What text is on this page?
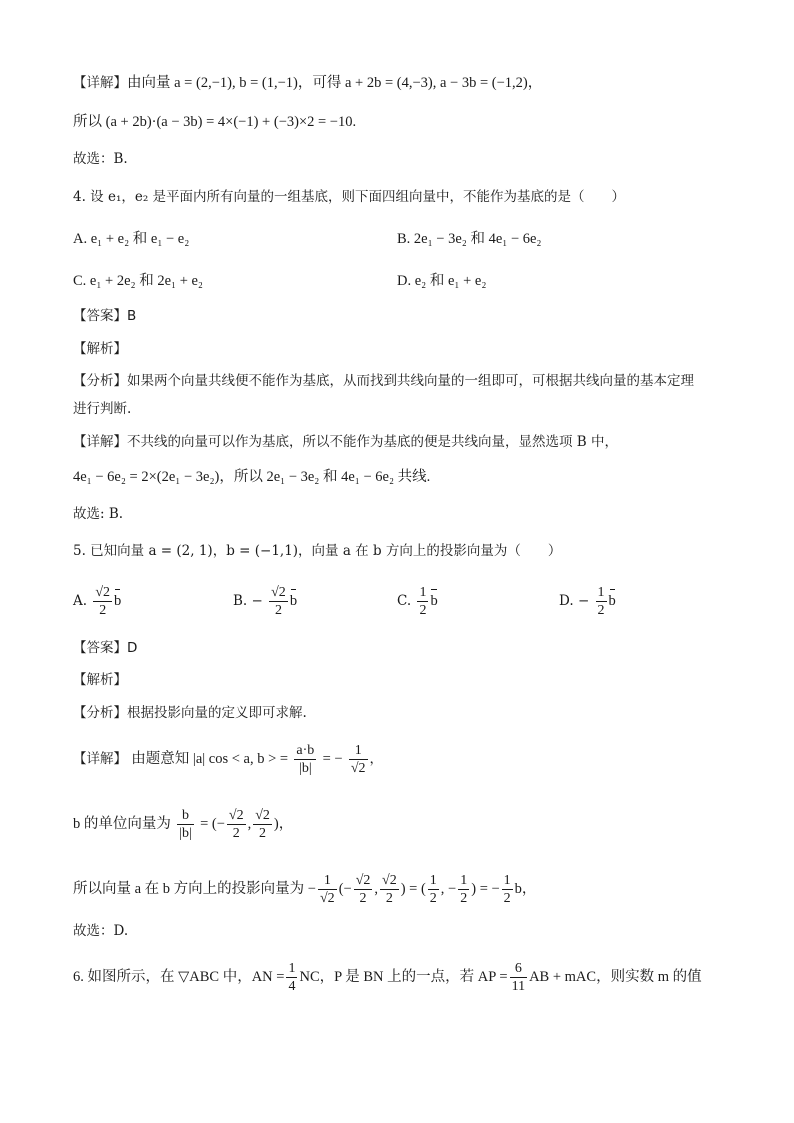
【详解】由向量 a = (2,−1), b = (1,−1)，可得 a + 2b = (4,−3), a − 3b = (−1,2)，
所以 (a + 2b)·(a − 3b) = 4×(−1) + (−3)×2 = −10.
故选：B.
4. 设 e₁，e₂ 是平面内所有向量的一组基底，则下面四组向量中，不能作为基底的是（　　）
A. e₁ + e₂ 和 e₁ − e₂	B. 2e₁ − 3e₂ 和 4e₁ − 6e₂
C. e₁ + 2e₂ 和 2e₁ + e₂	D. e₂ 和 e₁ + e₂
【答案】B
【解析】
【分析】如果两个向量共线便不能作为基底，从而找到共线向量的一组即可，可根据共线向量的基本定理
进行判断.
【详解】不共线的向量可以作为基底，所以不能作为基底的便是共线向量，显然选项 B 中，
4e₁ − 6e₂ = 2×(2e₁ − 3e₂)，所以 2e₁ − 3e₂ 和 4e₁ − 6e₂ 共线.
故选: B.
5. 已知向量 a = (2, 1)，b = (−1,1)，向量 a 在 b 方向上的投影向量为（　　）
A. $\frac{√2}{2}$ b	B. − $\frac{√2}{2}$ b	C. $\frac{1}{2}$ b	D. − $\frac{1}{2}$ b
【答案】D
【解析】
【分析】根据投影向量的定义即可求解.
【详解】 由题意知 |a| cos < a, b > = $\frac{a\cdot b}{|b|}$ = − $\frac{1}{√2}$ ，
b 的单位向量为 $\frac{b}{|b|}$ = (− $\frac{√2}{2}$ , $\frac{√2}{2}$ )，
所以向量 a 在 b 方向上的投影向量为 − $\frac{1}{√2}$ (− $\frac{√2}{2}$ , $\frac{√2}{2}$ ) = ( $\frac{1}{2}$ , − $\frac{1}{2}$ ) = − $\frac{1}{2}$ b，
故选：D.
6. 如图所示，在 ▽ABC 中，AN = $\frac{1}{4}$ NC，P 是 BN 上的一点，若 AP = $\frac{6}{11}$ AB + mAC，则实数 m 的值
